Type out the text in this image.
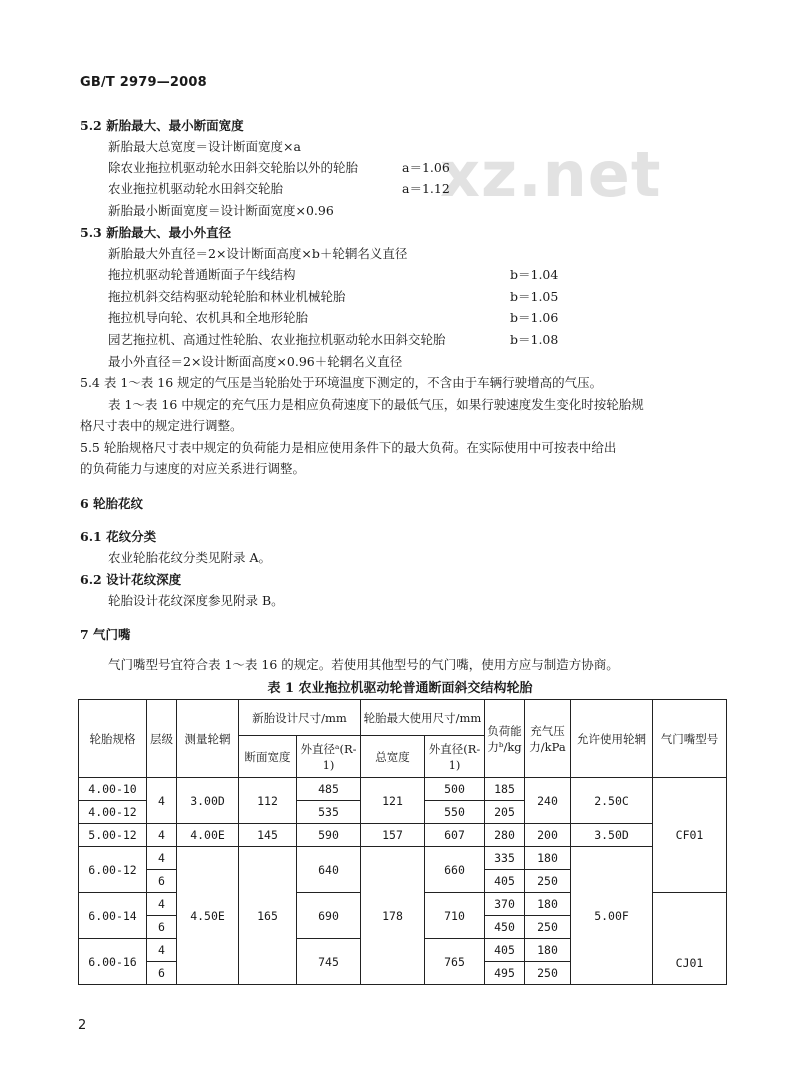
GB/T 2979—2008
xz.net
5.2 新胎最大、最小断面宽度
新胎最大总宽度＝设计断面宽度×a
除农业拖拉机驱动轮水田斜交轮胎以外的轮胎	a＝1.06
农业拖拉机驱动轮水田斜交轮胎	a＝1.12
新胎最小断面宽度＝设计断面宽度×0.96
5.3 新胎最大、最小外直径
新胎最大外直径＝2×设计断面高度×b＋轮辋名义直径
拖拉机驱动轮普通断面子午线结构	b＝1.04
拖拉机斜交结构驱动轮轮胎和林业机械轮胎	b＝1.05
拖拉机导向轮、农机具和全地形轮胎	b＝1.06
园艺拖拉机、高通过性轮胎、农业拖拉机驱动轮水田斜交轮胎	b＝1.08
最小外直径＝2×设计断面高度×0.96＋轮辋名义直径
5.4 表 1～表 16 规定的气压是当轮胎处于环境温度下测定的，不含由于车辆行驶增高的气压。
表 1～表 16 中规定的充气压力是相应负荷速度下的最低气压，如果行驶速度发生变化时按轮胎规
格尺寸表中的规定进行调整。
5.5 轮胎规格尺寸表中规定的负荷能力是相应使用条件下的最大负荷。在实际使用中可按表中给出
的负荷能力与速度的对应关系进行调整。
6 轮胎花纹
6.1 花纹分类
农业轮胎花纹分类见附录 A。
6.2 设计花纹深度
轮胎设计花纹深度参见附录 B。
7 气门嘴
气门嘴型号宜符合表 1～表 16 的规定。若使用其他型号的气门嘴，使用方应与制造方协商。
表 1 农业拖拉机驱动轮普通断面斜交结构轮胎
轮胎规格	层级	测量轮辋	新胎设计尺寸/mm		轮胎最大使用尺寸/mm		负荷能力ᵇ/kg	充气压力/kPa	允许使用轮辋	气门嘴型号
			断面宽度	外直径ᵃ(R-1)	总宽度	外直径(R-1)				
4.00-10	4	3.00D	112	485	121	500	185	240	2.50C	CF01
4.00-12				535		550	205			
5.00-12	4	4.00E	145	590	157	607	280	200	3.50D	
6.00-12	4	4.50E	165	640	178	660	335	180	5.00F	
	6						405	250		
6.00-14	4			690		710	370	180		CJ01
	6						450	250		
6.00-16	4			745		765	405	180		
	6						495	250		
2
